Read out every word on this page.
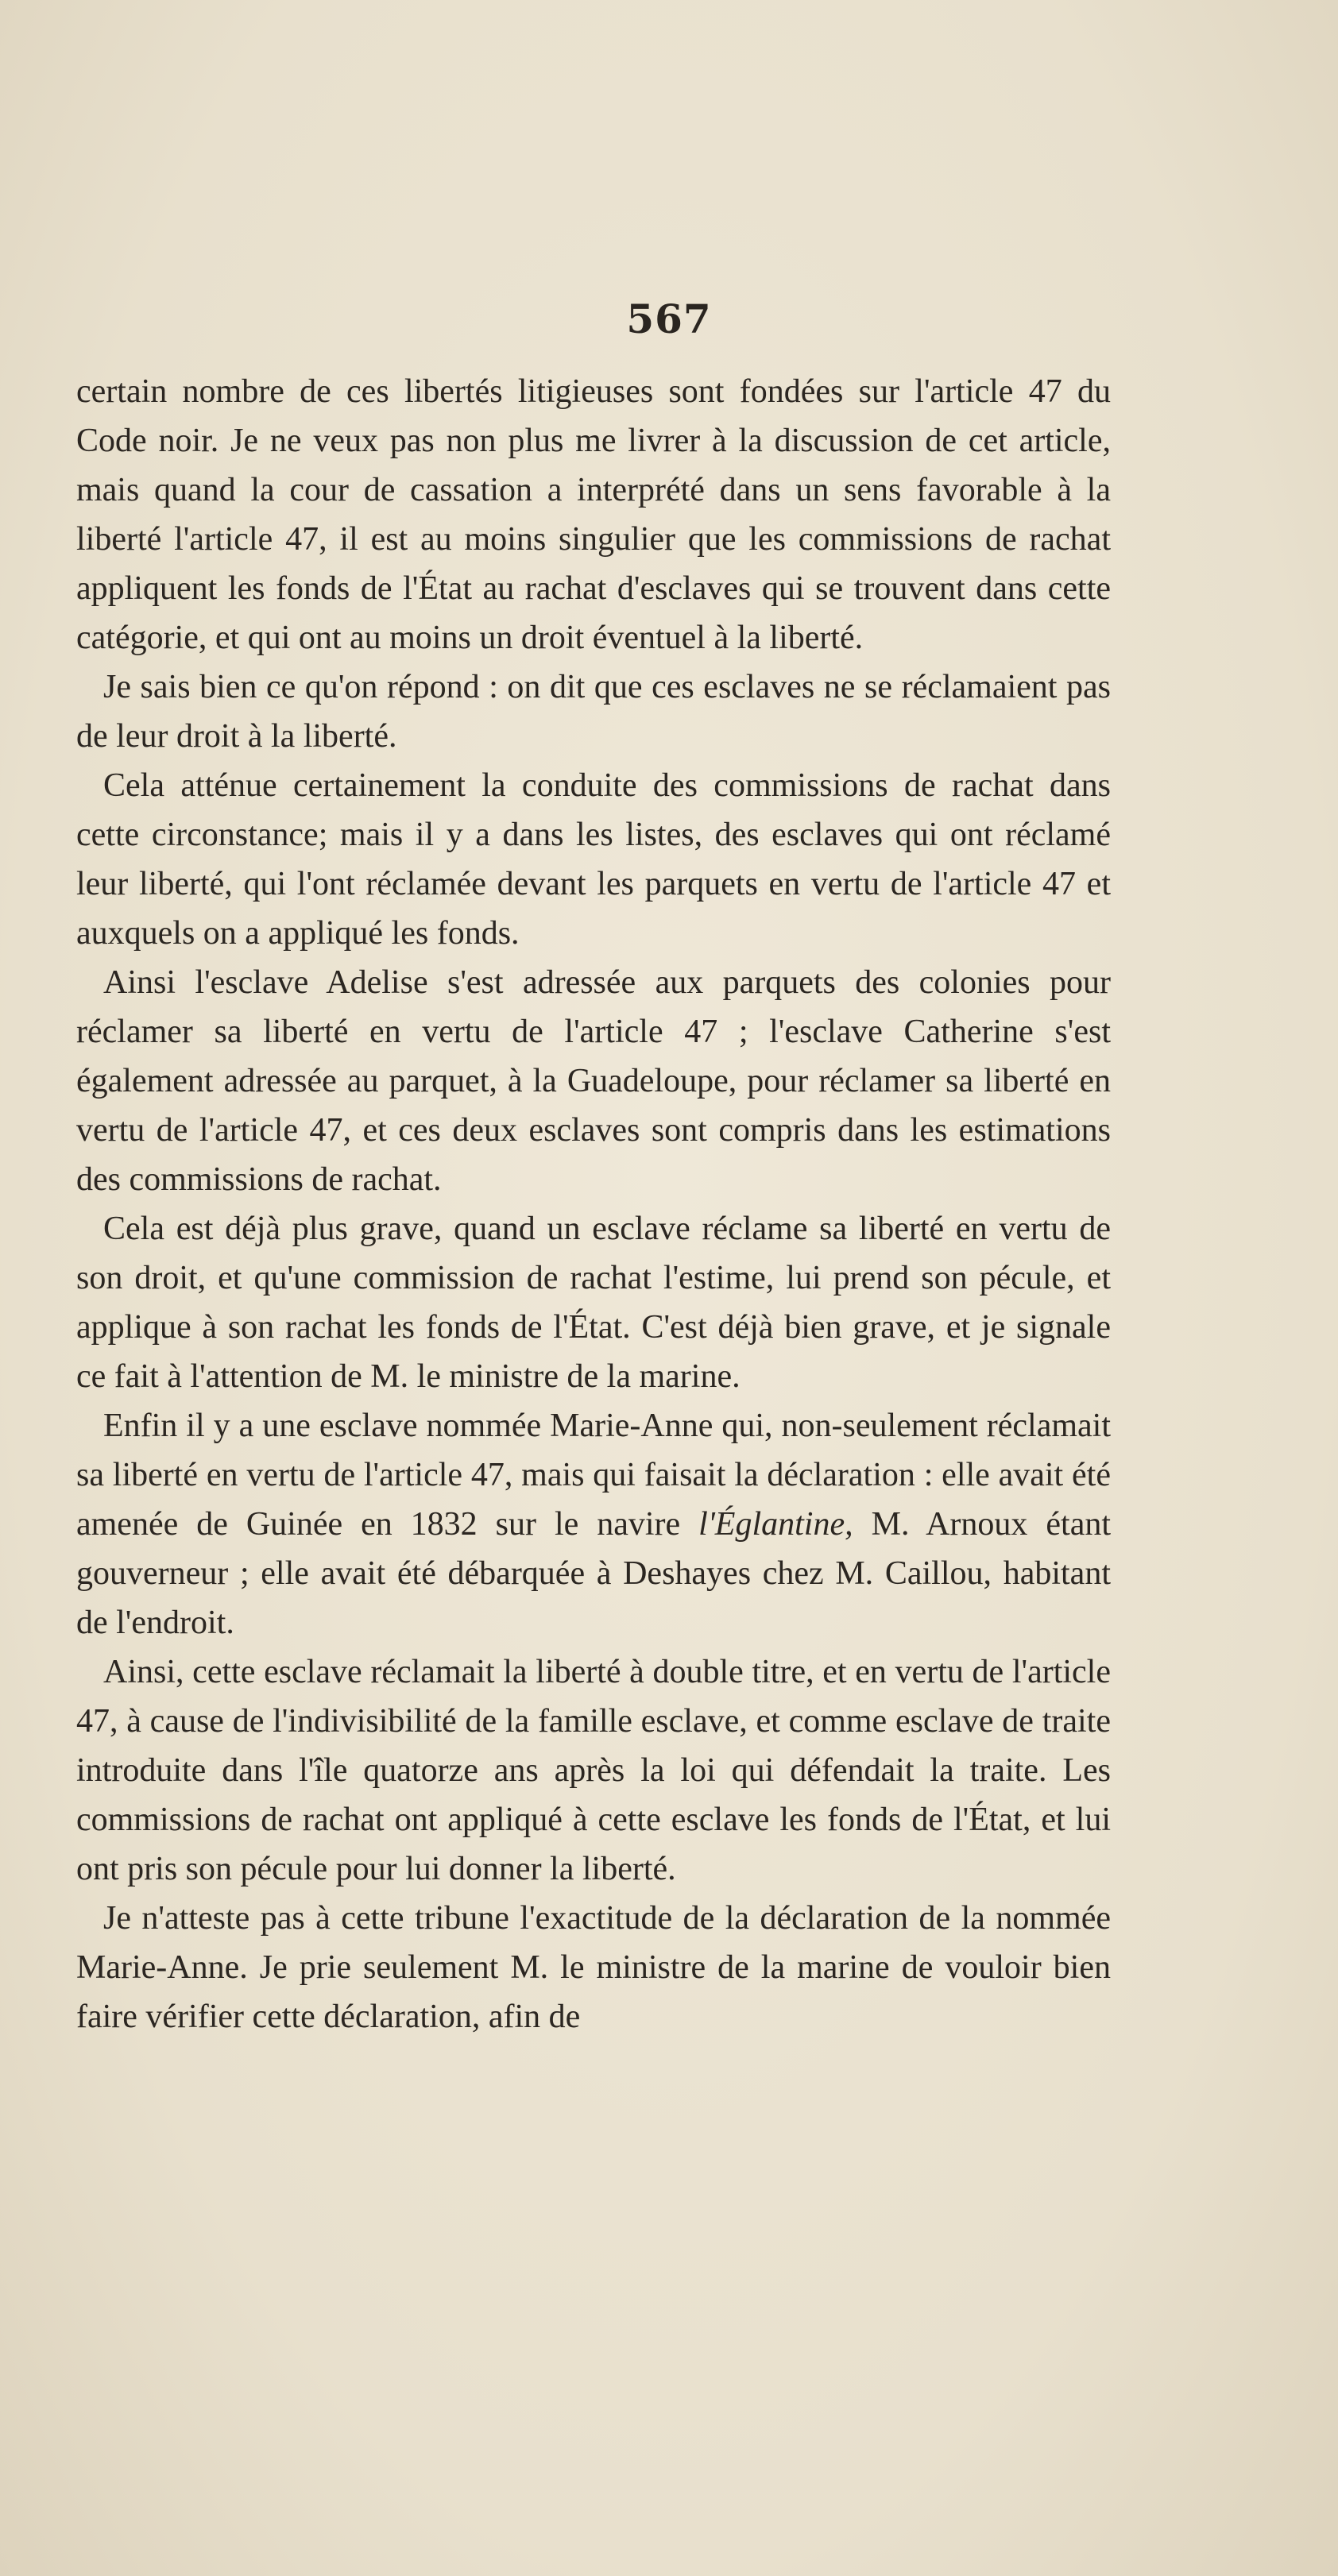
567

certain nombre de ces libertés litigieuses sont fondées sur l'article 47 du Code noir. Je ne veux pas non plus me livrer à la discussion de cet article, mais quand la cour de cassation a interprété dans un sens favorable à la liberté l'article 47, il est au moins singulier que les commissions de rachat appliquent les fonds de l'État au rachat d'esclaves qui se trouvent dans cette catégorie, et qui ont au moins un droit éventuel à la liberté.

Je sais bien ce qu'on répond : on dit que ces esclaves ne se réclamaient pas de leur droit à la liberté.

Cela atténue certainement la conduite des commissions de rachat dans cette circonstance; mais il y a dans les listes, des esclaves qui ont réclamé leur liberté, qui l'ont réclamée devant les parquets en vertu de l'article 47 et auxquels on a appliqué les fonds.

Ainsi l'esclave Adelise s'est adressée aux parquets des colonies pour réclamer sa liberté en vertu de l'article 47 ; l'esclave Catherine s'est également adressée au parquet, à la Guadeloupe, pour réclamer sa liberté en vertu de l'article 47, et ces deux esclaves sont compris dans les estimations des commissions de rachat.

Cela est déjà plus grave, quand un esclave réclame sa liberté en vertu de son droit, et qu'une commission de rachat l'estime, lui prend son pécule, et applique à son rachat les fonds de l'État. C'est déjà bien grave, et je signale ce fait à l'attention de M. le ministre de la marine.

Enfin il y a une esclave nommée Marie-Anne qui, non-seulement réclamait sa liberté en vertu de l'article 47, mais qui faisait la déclaration : elle avait été amenée de Guinée en 1832 sur le navire l'Églantine, M. Arnoux étant gouverneur ; elle avait été débarquée à Deshayes chez M. Caillou, habitant de l'endroit.

Ainsi, cette esclave réclamait la liberté à double titre, et en vertu de l'article 47, à cause de l'indivisibilité de la famille esclave, et comme esclave de traite introduite dans l'île quatorze ans après la loi qui défendait la traite. Les commissions de rachat ont appliqué à cette esclave les fonds de l'État, et lui ont pris son pécule pour lui donner la liberté.

Je n'atteste pas à cette tribune l'exactitude de la déclaration de la nommée Marie-Anne. Je prie seulement M. le ministre de la marine de vouloir bien faire vérifier cette déclaration, afin de
